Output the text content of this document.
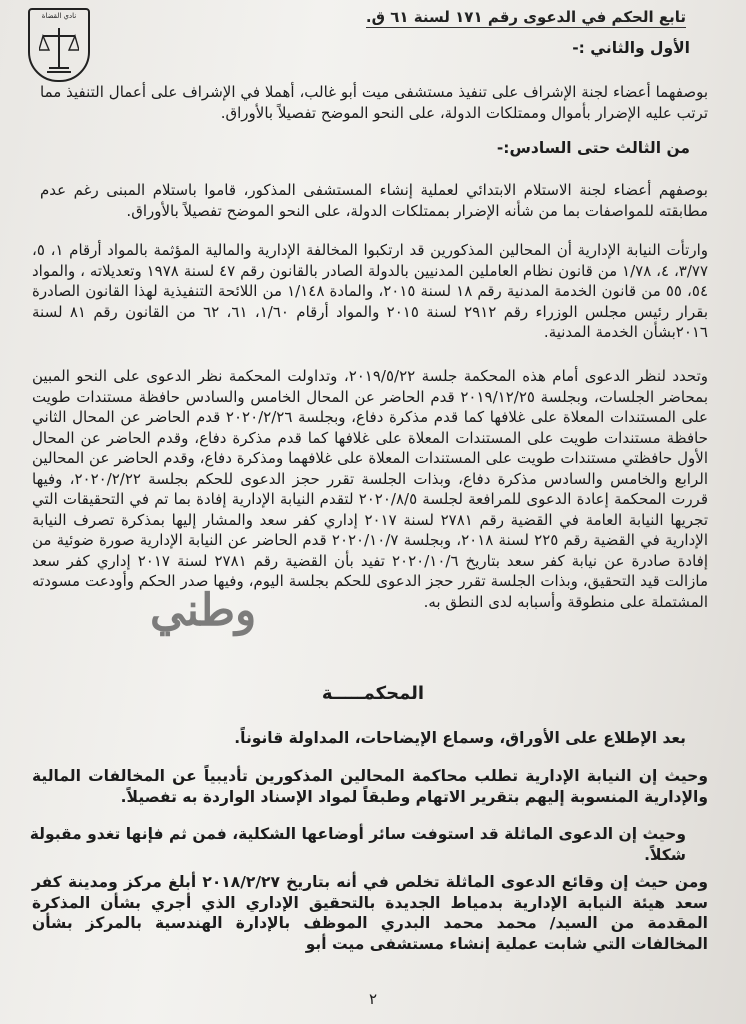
نادي القضاة	تابع الحكم في الدعوى رقم ١٧١ لسنة ٦١ ق.

الأول والثاني :-

بوصفهما أعضاء لجنة الإشراف على تنفيذ مستشفى ميت أبو غالب، أهملا في الإشراف على أعمال التنفيذ مما ترتب عليه الإضرار بأموال وممتلكات الدولة، على النحو الموضح تفصيلاً بالأوراق.

من الثالث حتى السادس:-

بوصفهم أعضاء لجنة الاستلام الابتدائي لعملية إنشاء المستشفى المذكور، قاموا باستلام المبنى رغم عدم مطابقته للمواصفات بما من شأنه الإضرار بممتلكات الدولة، على النحو الموضح تفصيلاً بالأوراق.

وارتأت النيابة الإدارية أن المحالين المذكورين قد ارتكبوا المخالفة الإدارية والمالية المؤثمة بالمواد أرقام ١، ٥، ٣/٧٧، ٤، ١/٧٨ من قانون نظام العاملين المدنيين بالدولة الصادر بالقانون رقم ٤٧ لسنة ١٩٧٨ وتعديلاته ، والمواد ٥٤، ٥٥ من قانون الخدمة المدنية رقم ١٨ لسنة ٢٠١٥، والمادة ١/١٤٨ من اللائحة التنفيذية لهذا القانون الصادرة بقرار رئيس مجلس الوزراء رقم ٢٩١٢ لسنة ٢٠١٥ والمواد أرقام ١/٦٠، ٦١، ٦٢ من القانون رقم ٨١ لسنة ٢٠١٦بشأن الخدمة المدنية.

وتحدد لنظر الدعوى أمام هذه المحكمة جلسة ٢٠١٩/٥/٢٢، وتداولت المحكمة نظر الدعوى على النحو المبين بمحاضر الجلسات، وبجلسة ٢٠١٩/١٢/٢٥ قدم الحاضر عن المحال الخامس والسادس حافظة مستندات طويت على المستندات المعلاة على غلافها كما قدم مذكرة دفاع، وبجلسة ٢٠٢٠/٢/٢٦ قدم الحاضر عن المحال الثاني حافظة مستندات طويت على المستندات المعلاة على غلافها كما قدم مذكرة دفاع، وقدم الحاضر عن المحال الأول حافظتي مستندات طويت على المستندات المعلاة على غلافهما ومذكرة دفاع، وقدم الحاضر عن المحالين الرابع والخامس والسادس مذكرة دفاع، وبذات الجلسة تقرر حجز الدعوى للحكم بجلسة ٢٠٢٠/٢/٢٢، وفيها قررت المحكمة إعادة الدعوى للمرافعة لجلسة ٢٠٢٠/٨/٥ لتقدم النيابة الإدارية إفادة بما تم في التحقيقات التي تجريها النيابة العامة في القضية رقم ٢٧٨١ لسنة ٢٠١٧ إداري كفر سعد والمشار إليها بمذكرة تصرف النيابة الإدارية في القضية رقم ٢٢٥ لسنة ٢٠١٨، وبجلسة ٢٠٢٠/١٠/٧ قدم الحاضر عن النيابة الإدارية صورة ضوئية من إفادة صادرة عن نيابة كفر سعد بتاريخ ٢٠٢٠/١٠/٦ تفيد بأن القضية رقم ٢٧٨١ لسنة ٢٠١٧ إداري كفر سعد مازالت قيد التحقيق، وبذات الجلسة تقرر حجز الدعوى للحكم بجلسة اليوم، وفيها صدر الحكم وأودعت مسودته المشتملة على منطوقة وأسبابه لدى النطق به.

وطني
المحكمـــــة

بعد الإطلاع على الأوراق، وسماع الإيضاحات، المداولة قانوناً.

وحيث إن النيابة الإدارية تطلب محاكمة المحالين المذكورين تأديبياً عن المخالفات المالية والإدارية المنسوبة إليهم بتقرير الاتهام وطبقاً لمواد الإسناد الواردة به تفصيلاً.

وحيث إن الدعوى الماثلة قد استوفت سائر أوضاعها الشكلية، فمن ثم فإنها تغدو مقبولة شكلاً.

ومن حيث إن وقائع الدعوى الماثلة تخلص في أنه بتاريخ ٢٠١٨/٢/٢٧ أبلغ مركز ومدينة كفر سعد هيئة النيابة الإدارية بدمياط الجديدة بالتحقيق الإداري الذي أجري بشأن المذكرة المقدمة من السيد/ محمد محمد البدري الموظف بالإدارة الهندسية بالمركز بشأن المخالفات التي شابت عملية إنشاء مستشفى ميت أبو

٢
